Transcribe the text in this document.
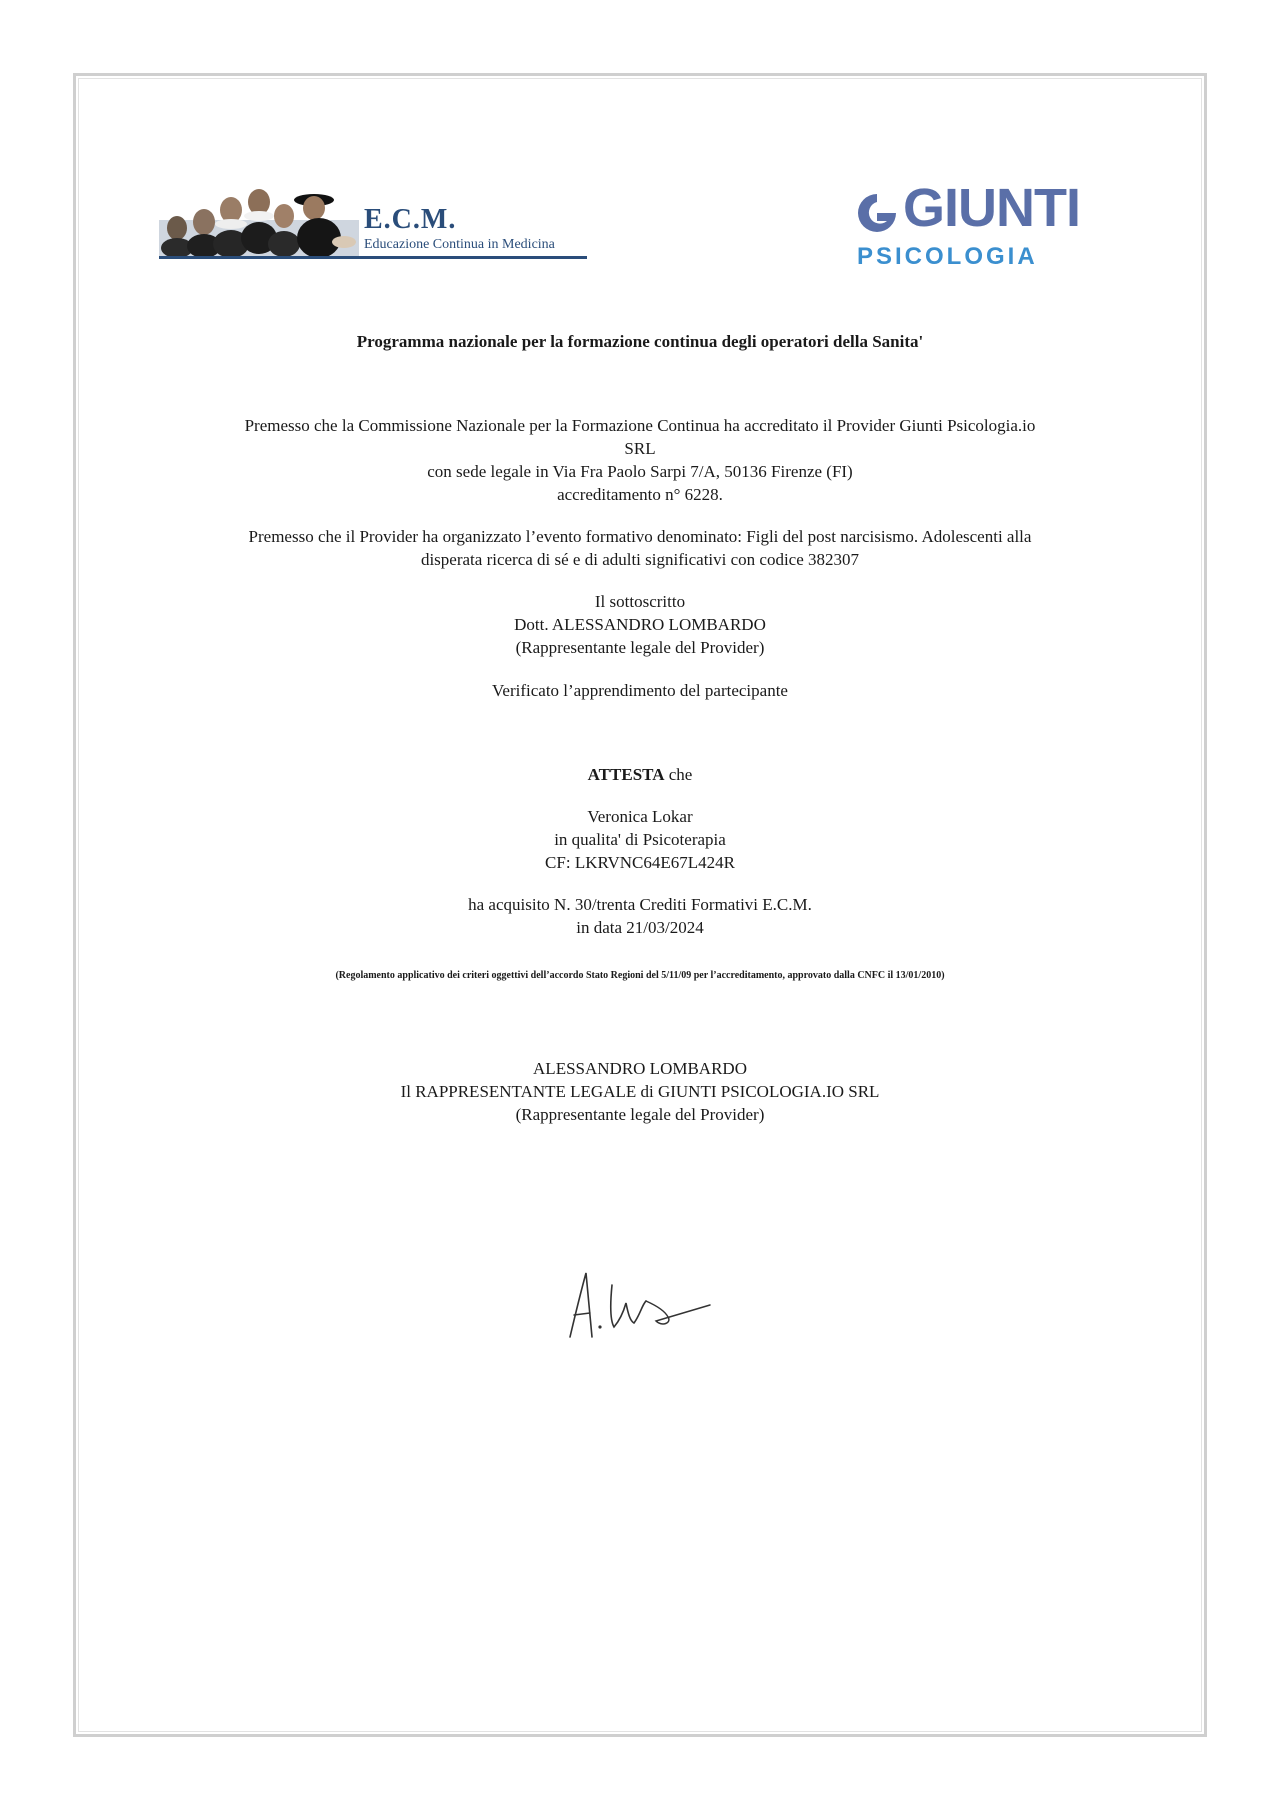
E.C.M.
Educazione Continua in Medicina
GIUNTI
PSICOLOGIA
Programma nazionale per la formazione continua degli operatori della Sanita'
Premesso che la Commissione Nazionale per la Formazione Continua ha accreditato il Provider Giunti Psicologia.io
SRL
con sede legale in Via Fra Paolo Sarpi 7/A, 50136 Firenze (FI)
accreditamento n° 6228.
Premesso che il Provider ha organizzato l’evento formativo denominato: Figli del post narcisismo. Adolescenti alla
disperata ricerca di sé e di adulti significativi con codice 382307
Il sottoscritto
Dott. ALESSANDRO LOMBARDO
(Rappresentante legale del Provider)
Verificato l’apprendimento del partecipante
ATTESTA che
Veronica Lokar
in qualita' di Psicoterapia
CF: LKRVNC64E67L424R
ha acquisito N. 30/trenta Crediti Formativi E.C.M.
in data 21/03/2024
(Regolamento applicativo dei criteri oggettivi dell’accordo Stato Regioni del 5/11/09 per l’accreditamento, approvato dalla CNFC il 13/01/2010)
ALESSANDRO LOMBARDO
Il RAPPRESENTANTE LEGALE di GIUNTI PSICOLOGIA.IO SRL
(Rappresentante legale del Provider)
